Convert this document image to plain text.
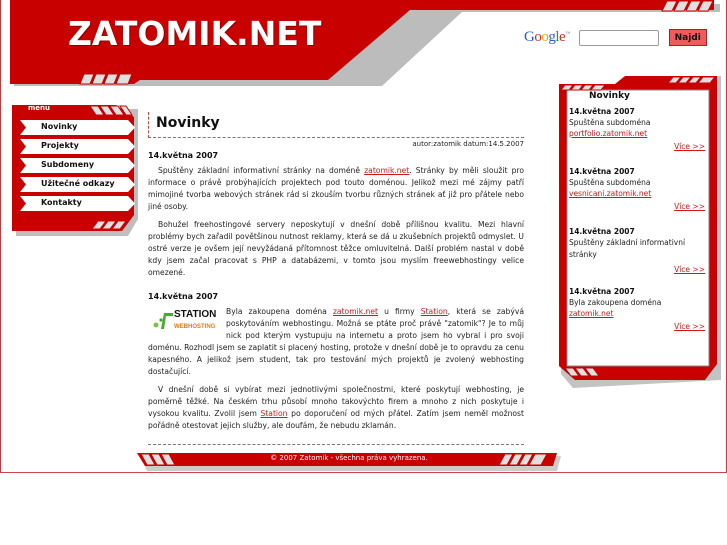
ZATOMIK.NET	Google™	Najdi
menu
Novinky
Projekty
Subdomeny
Užitečné odkazy
Kontakty
Novinky
autor:zatomik datum:14.5.2007
14.května 2007

Spuštěny základní informativní stránky na doméně zatomik.net. Stránky by měli sloužit pro informace o právě probýhajících projektech pod touto doménou. Jelikož mezi mé zájmy patří mimojiné tvorba webových stránek rád si zkouším tvorbu různých stránek ať již pro přátele nebo jiné osoby.

Bohužel freehostingové servery neposkytují v dnešní době přílišnou kvalitu. Mezi hlavní problémy bych zařadil povětšinou nutnost reklamy, která se dá u zkušebních projektů odmyslet. U ostré verze je ovšem její nevyžádaná přítomnost těžce omluvitelná. Další problém nastal v době kdy jsem začal pracovat s PHP a databázemi, v tomto jsou myslím freewebhostingy velice omezené.

14.května 2007

STATION
WEBHOSTING
Byla zakoupena doména zatomik.net u firmy Station, která se zabývá poskytováním webhostingu. Možná se ptáte proč právě "zatomik"? Je to můj nick pod kterým vystupuju na internetu a proto jsem ho vybral i pro svoji doménu. Rozhodl jsem se zaplatit si placený hosting, protože v dnešní době je to opravdu za cenu kapesného. A jelikož jsem student, tak pro testování mých projektů je zvolený webhosting dostačující.

V dnešní době si vybírat mezi jednotlivými společnostmi, které poskytují webhosting, je poměrně těžké. Na českém trhu působí mnoho takovýchto firem a mnoho z nich poskytuje i vysokou kvalitu. Zvolil jsem Station po doporučení od mých přátel. Zatím jsem neměl možnost pořádně otestovat jejich služby, ale doufám, že nebudu zklamán.

© 2007 Zatomik - všechna práva vyhrazena.
Novinky
14.května 2007
Spuštěna subdoména
portfolio.zatomik.net
Více >>
14.května 2007
Spuštěna subdoména
vesnicani.zatomik.net
Více >>
14.května 2007
Spuštěny základní informativní stránky
Více >>
14.května 2007
Byla zakoupena doména
zatomik.net
Více >>
